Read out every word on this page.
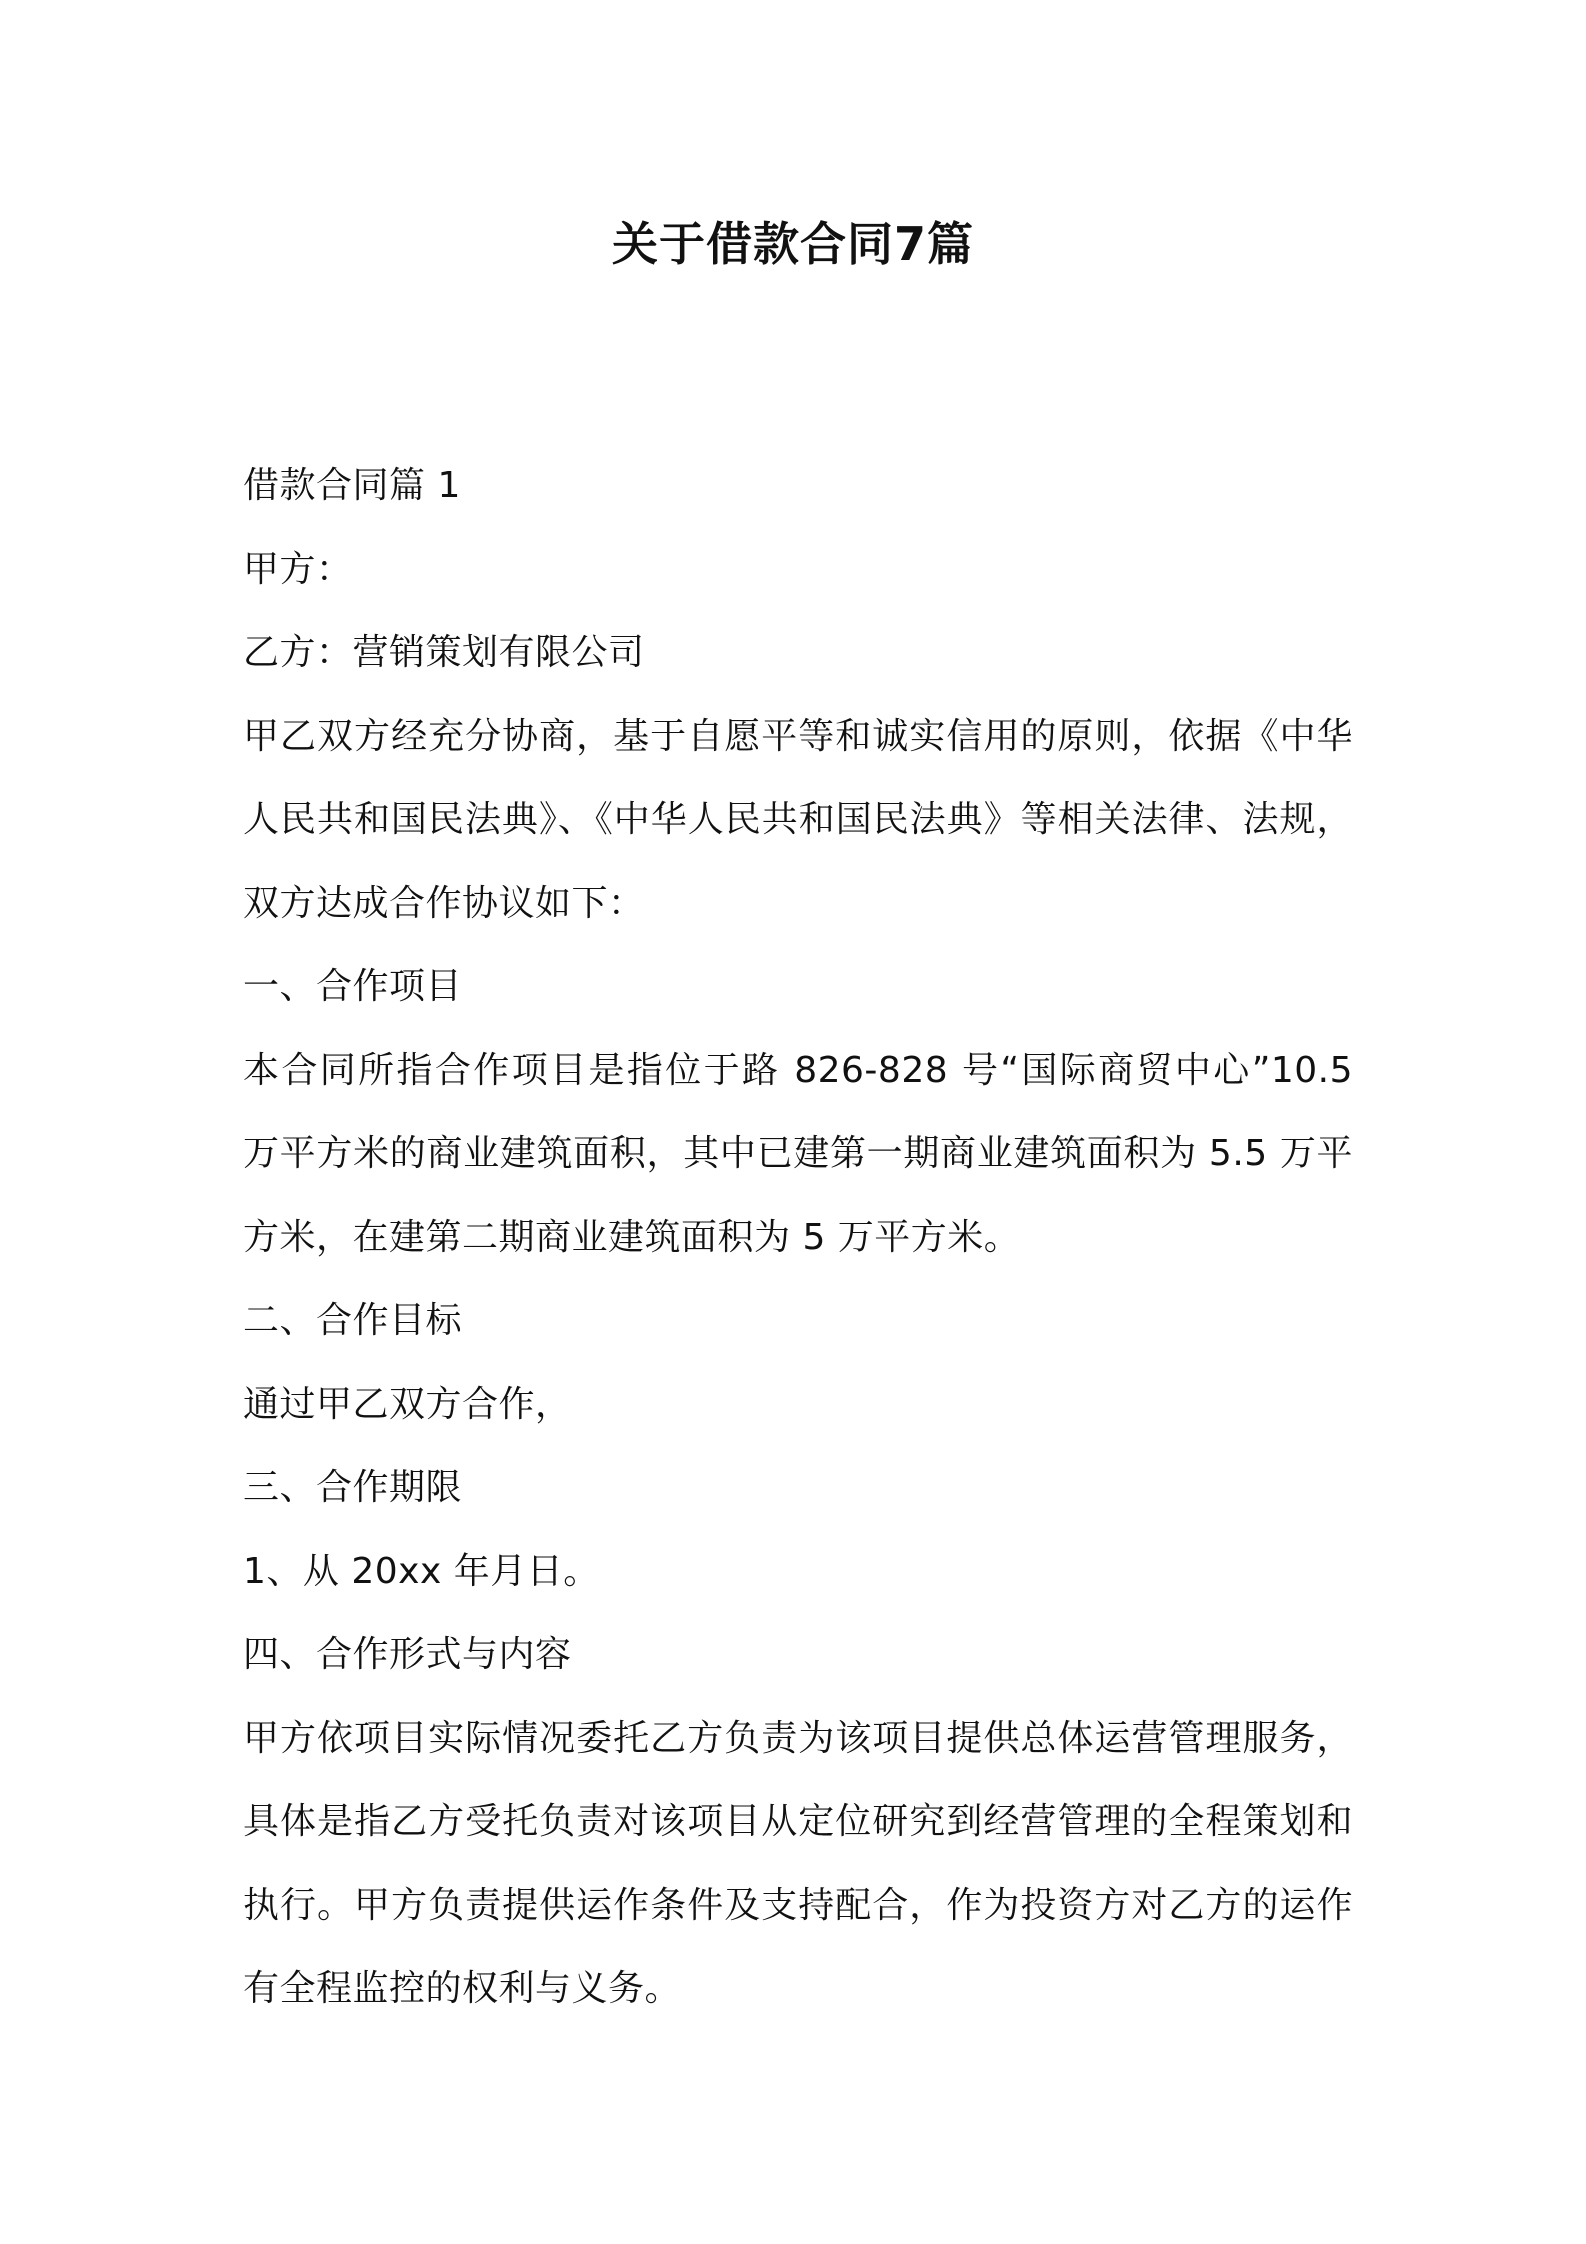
关于借款合同7篇

借款合同篇 1

甲方：

乙方：营销策划有限公司

甲乙双方经充分协商，基于自愿平等和诚实信用的原则，依据《中华人民共和国民法典》、《中华人民共和国民法典》等相关法律、法规，双方达成合作协议如下：

一、合作项目

本合同所指合作项目是指位于路 826-828 号“国际商贸中心”10.5 万平方米的商业建筑面积，其中已建第一期商业建筑面积为 5.5 万平方米，在建第二期商业建筑面积为 5 万平方米。

二、合作目标

通过甲乙双方合作，

三、合作期限

1、从 20xx 年月日。

四、合作形式与内容

甲方依项目实际情况委托乙方负责为该项目提供总体运营管理服务，具体是指乙方受托负责对该项目从定位研究到经营管理的全程策划和执行。甲方负责提供运作条件及支持配合，作为投资方对乙方的运作有全程监控的权利与义务。
